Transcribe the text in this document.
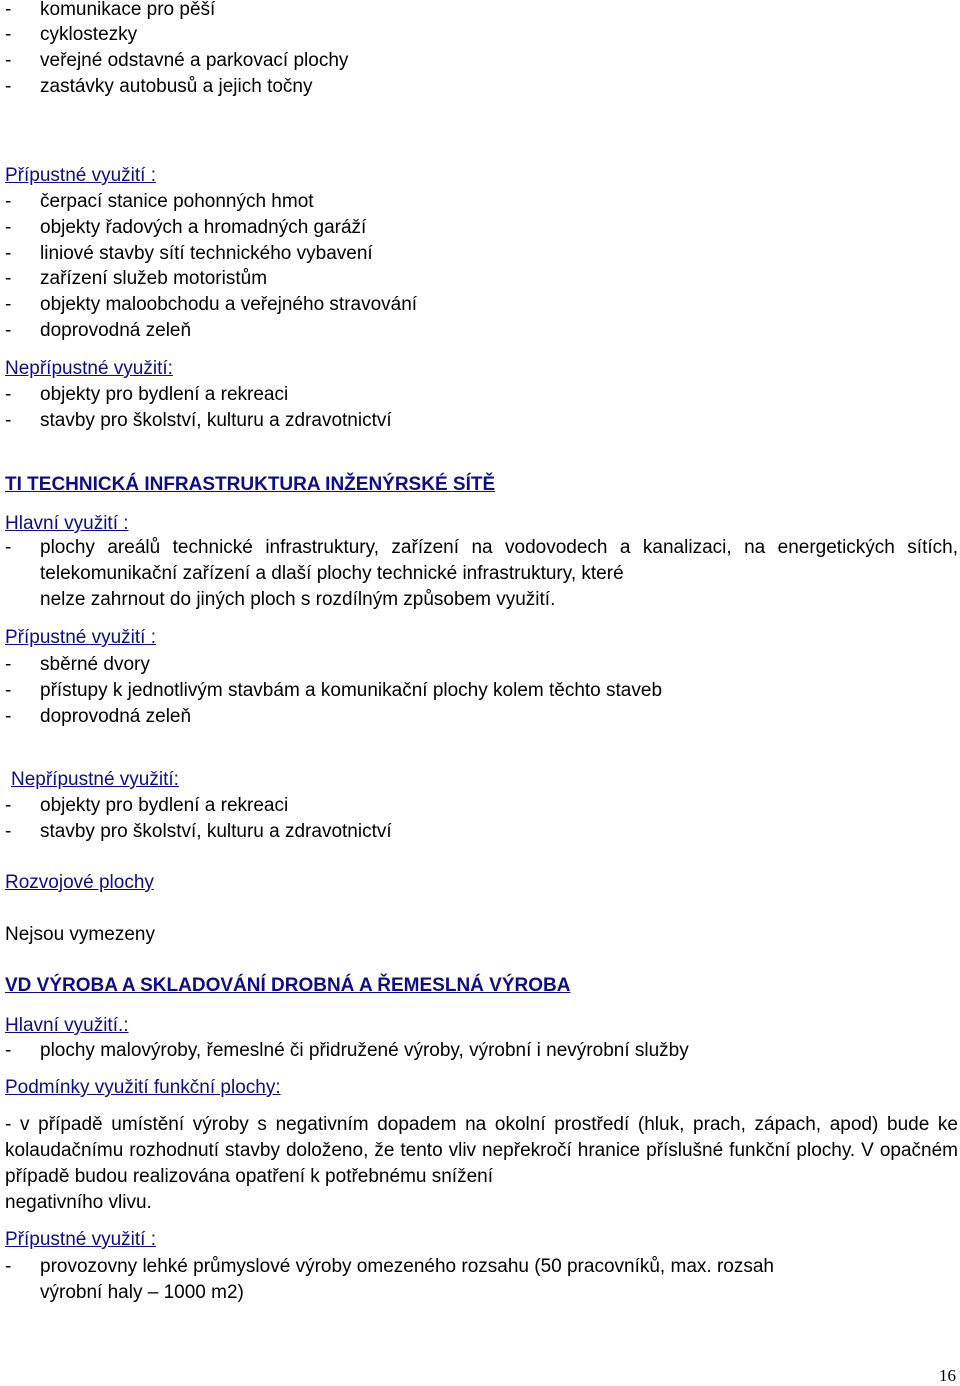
- komunikace pro pěší
- cyklostezky
- veřejné odstavné a parkovací plochy
- zastávky autobusů a jejich točny
Přípustné využití :
- čerpací stanice pohonných hmot
- objekty řadových a hromadných garáží
- liniové stavby sítí technického vybavení
- zařízení služeb motoristům
- objekty maloobchodu a veřejného stravování
- doprovodná zeleň
Nepřípustné využití:
- objekty pro bydlení a rekreaci
- stavby pro školství, kulturu a zdravotnictví
TI TECHNICKÁ INFRASTRUKTURA INŽENÝRSKÉ SÍTĚ
Hlavní využití :
- plochy areálů technické infrastruktury, zařízení na vodovodech a kanalizaci, na energetických sítích, telekomunikační zařízení a dlaší plochy technické infrastruktury, které
nelze zahrnout do jiných ploch s rozdílným způsobem využití.
Přípustné využití :
- sběrné dvory
- přístupy k jednotlivým stavbám a komunikační plochy kolem těchto staveb
- doprovodná zeleň
Nepřípustné využití:
- objekty pro bydlení a rekreaci
- stavby pro školství, kulturu a zdravotnictví
Rozvojové plochy
Nejsou vymezeny
VD VÝROBA A SKLADOVÁNÍ DROBNÁ A ŘEMESLNÁ VÝROBA
Hlavní využití.:
- plochy malovýroby, řemeslné či přidružené výroby, výrobní i nevýrobní služby
Podmínky využití funkční plochy:
- v případě umístění výroby s negativním dopadem na okolní prostředí (hluk, prach, zápach, apod) bude ke kolaudačnímu rozhodnutí stavby doloženo, že tento vliv nepřekročí hranice příslušné funkční plochy. V opačném případě budou realizována opatření k potřebnému snížení
negativního vlivu.
Přípustné využití :
- provozovny lehké průmyslové výroby omezeného rozsahu (50 pracovníků, max. rozsah
výrobní haly – 1000 m2)
16
